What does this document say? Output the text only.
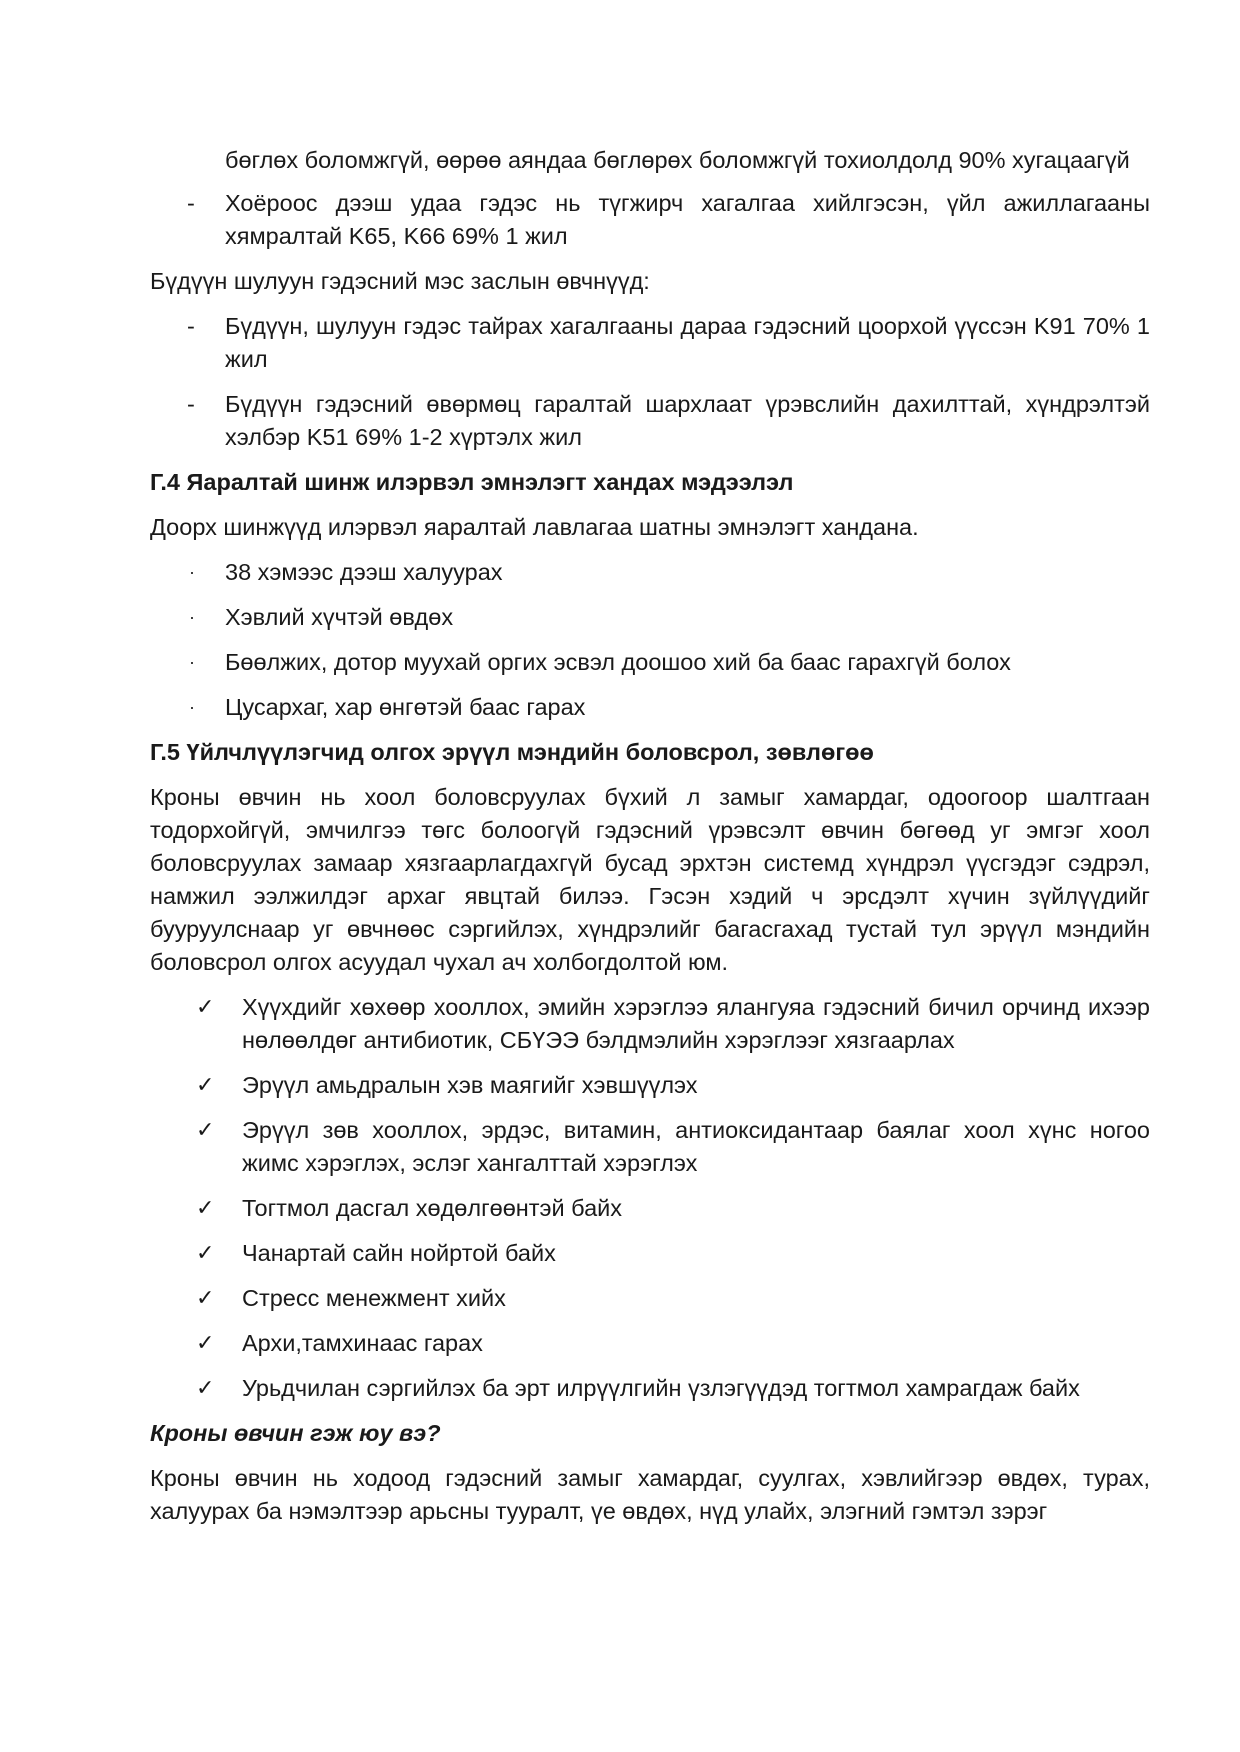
бөглөх боломжгүй, өөрөө аяндаа бөглөрөх боломжгүй тохиолдолд 90% хугацаагүй
- Хоёроос дээш удаа гэдэс нь түгжирч хагалгаа хийлгэсэн, үйл ажиллагааны хямралтай K65, K66 69% 1 жил
Бүдүүн шулуун гэдэсний мэс заслын өвчнүүд:
- Бүдүүн, шулуун гэдэс тайрах хагалгааны дараа гэдэсний цоорхой үүссэн K91 70% 1 жил
- Бүдүүн гэдэсний өвөрмөц гаралтай шархлаат үрэвслийн дахилттай, хүндрэлтэй хэлбэр K51 69% 1-2 хүртэлх жил
Г.4 Яаралтай шинж илэрвэл эмнэлэгт хандах мэдээлэл
Доорх шинжүүд илэрвэл яаралтай лавлагаа шатны эмнэлэгт хандана.
· 38 хэмээс дээш халуурах
· Хэвлий хүчтэй өвдөх
· Бөөлжих, дотор муухай оргих эсвэл доошоо хий ба баас гарахгүй болох
· Цусархаг, хар өнгөтэй баас гарах
Г.5 Үйлчлүүлэгчид олгох эрүүл мэндийн боловсрол, зөвлөгөө
Кроны өвчин нь хоол боловсруулах бүхий л замыг хамардаг, одоогоор шалтгаан тодорхойгүй, эмчилгээ төгс болоогүй гэдэсний үрэвсэлт өвчин бөгөөд уг эмгэг хоол боловсруулах замаар хязгаарлагдахгүй бусад эрхтэн системд хүндрэл үүсгэдэг сэдрэл, намжил ээлжилдэг архаг явцтай билээ. Гэсэн хэдий ч эрсдэлт хүчин зүйлүүдийг бууруулснаар уг өвчнөөс сэргийлэх, хүндрэлийг багасгахад тустай тул эрүүл мэндийн боловсрол олгох асуудал чухал ач холбогдолтой юм.
✓ Хүүхдийг хөхөөр хооллох, эмийн хэрэглээ ялангуяа гэдэсний бичил орчинд ихээр нөлөөлдөг антибиотик, СБҮЭЭ бэлдмэлийн хэрэглээг хязгаарлах
✓ Эрүүл амьдралын хэв маягийг хэвшүүлэх
✓ Эрүүл зөв хооллох, эрдэс, витамин, антиоксидантаар баялаг хоол хүнс ногоо жимс хэрэглэх, эслэг хангалттай хэрэглэх
✓ Тогтмол дасгал хөдөлгөөнтэй байх
✓ Чанартай сайн нойртой байх
✓ Стресс менежмент хийх
✓ Архи,тамхинаас гарах
✓ Урьдчилан сэргийлэх ба эрт илрүүлгийн үзлэгүүдэд тогтмол хамрагдаж байх
Кроны өвчин гэж юу вэ?
Кроны өвчин нь ходоод гэдэсний замыг хамардаг, суулгах, хэвлийгээр өвдөх, турах, халуурах ба нэмэлтээр арьсны тууралт, үе өвдөх, нүд улайх, элэгний гэмтэл зэрэг
